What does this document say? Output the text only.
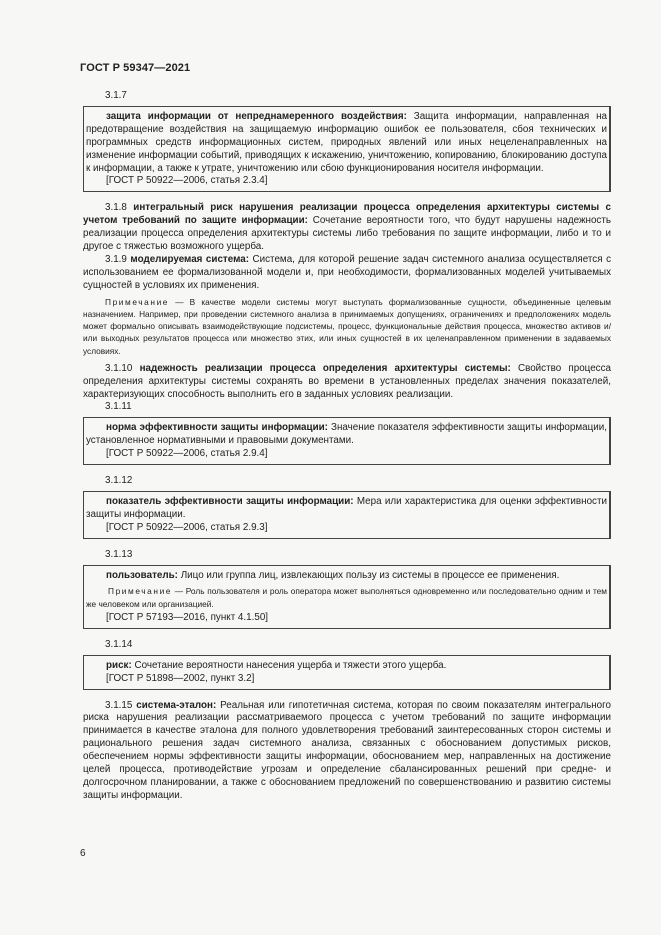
ГОСТ Р 59347—2021

3.1.7

защита информации от непреднамеренного воздействия: Защита информации, направленная на предотвращение воздействия на защищаемую информацию ошибок ее пользователя, сбоя технических и программных средств информационных систем, природных явлений или иных нецеленаправленных на изменение информации событий, приводящих к искажению, уничтожению, копированию, блокированию доступа к информации, а также к утрате, уничтожению или сбою функционирования носителя информации.

[ГОСТ Р 50922—2006, статья 2.3.4]

3.1.8 интегральный риск нарушения реализации процесса определения архитектуры системы с учетом требований по защите информации: Сочетание вероятности того, что будут нарушены надежность реализации процесса определения архитектуры системы либо требования по защите информации, либо и то и другое с тяжестью возможного ущерба.

3.1.9 моделируемая система: Система, для которой решение задач системного анализа осуществляется с использованием ее формализованной модели и, при необходимости, формализованных моделей учитываемых сущностей в условиях их применения.

Примечание — В качестве модели системы могут выступать формализованные сущности, объединенные целевым назначением. Например, при проведении системного анализа в принимаемых допущениях, ограничениях и предположениях модель может формально описывать взаимодействующие подсистемы, процесс, функциональные действия процесса, множество активов и/или выходных результатов процесса или множество этих, или иных сущностей в их целенаправленном применении в задаваемых условиях.

3.1.10 надежность реализации процесса определения архитектуры системы: Свойство процесса определения архитектуры системы сохранять во времени в установленных пределах значения показателей, характеризующих способность выполнить его в заданных условиях реализации.

3.1.11

норма эффективности защиты информации: Значение показателя эффективности защиты информации, установленное нормативными и правовыми документами.

[ГОСТ Р 50922—2006, статья 2.9.4]

3.1.12

показатель эффективности защиты информации: Мера или характеристика для оценки эффективности защиты информации.

[ГОСТ Р 50922—2006, статья 2.9.3]

3.1.13

пользователь: Лицо или группа лиц, извлекающих пользу из системы в процессе ее применения.

Примечание — Роль пользователя и роль оператора может выполняться одновременно или последовательно одним и тем же человеком или организацией.

[ГОСТ Р 57193—2016, пункт 4.1.50]

3.1.14

риск: Сочетание вероятности нанесения ущерба и тяжести этого ущерба.

[ГОСТ Р 51898—2002, пункт 3.2]

3.1.15 система-эталон: Реальная или гипотетичная система, которая по своим показателям интегрального риска нарушения реализации рассматриваемого процесса с учетом требований по защите информации принимается в качестве эталона для полного удовлетворения требований заинтересованных сторон системы и рационального решения задач системного анализа, связанных с обоснованием допустимых рисков, обеспечением нормы эффективности защиты информации, обоснованием мер, направленных на достижение целей процесса, противодействие угрозам и определение сбалансированных решений при средне- и долгосрочном планировании, а также с обоснованием предложений по совершенствованию и развитию системы защиты информации.

6
